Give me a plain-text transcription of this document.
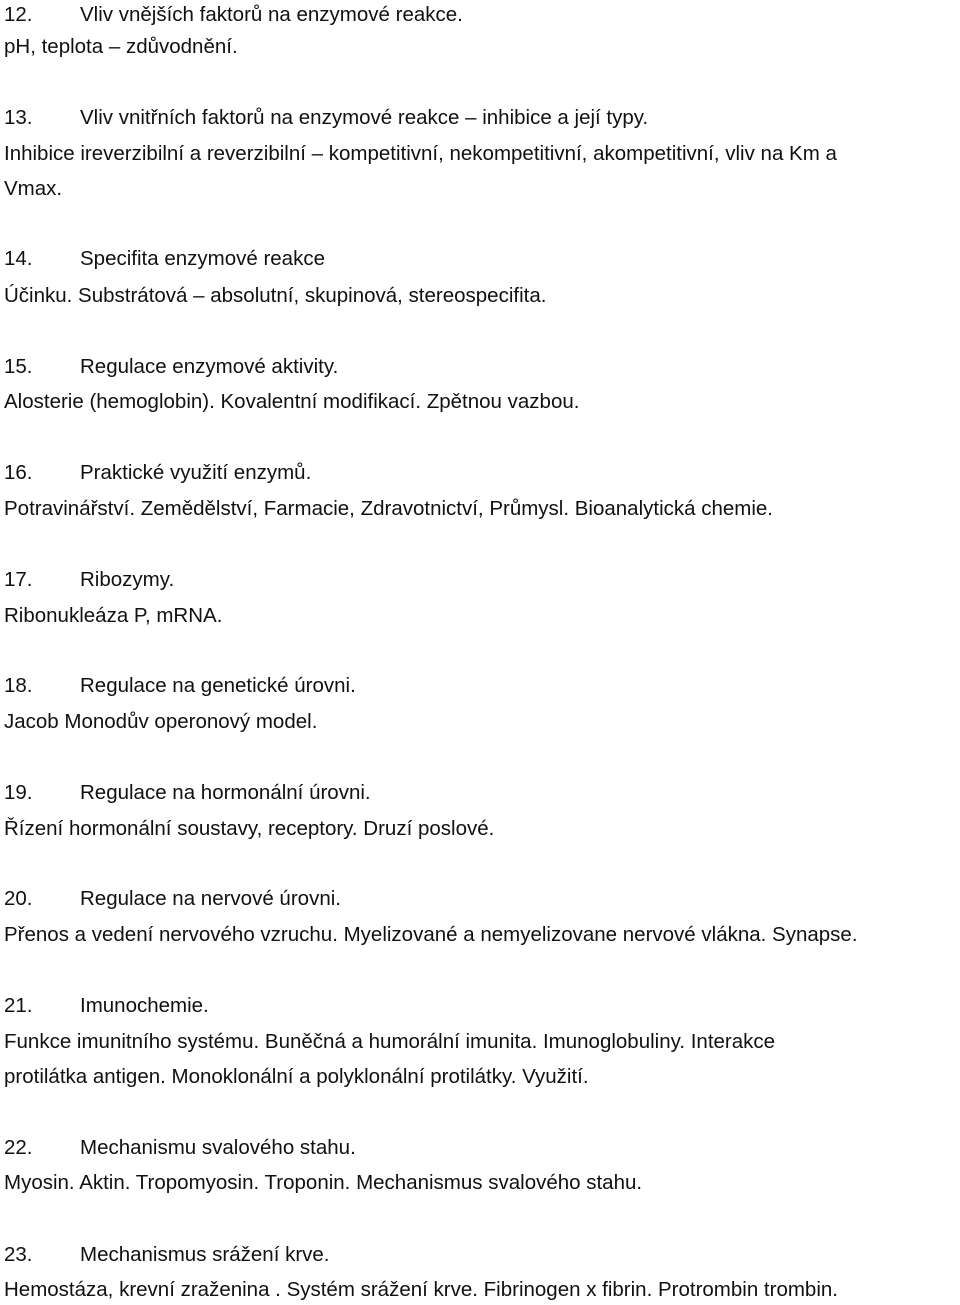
12. Vliv vnějších faktorů na enzymové reakce.
pH, teplota – zdůvodnění.
13. Vliv vnitřních faktorů na enzymové reakce – inhibice a její typy.
Inhibice ireverzibilní a reverzibilní – kompetitivní, nekompetitivní, akompetitivní, vliv na Km a
Vmax.
14. Specifita enzymové reakce
Účinku. Substrátová – absolutní, skupinová, stereospecifita.
15. Regulace enzymové aktivity.
Alosterie (hemoglobin). Kovalentní modifikací. Zpětnou vazbou.
16. Praktické využití enzymů.
Potravinářství. Zemědělství, Farmacie, Zdravotnictví, Průmysl. Bioanalytická chemie.
17. Ribozymy.
Ribonukleáza P, mRNA.
18. Regulace na genetické úrovni.
Jacob Monodův operonový model.
19. Regulace na hormonální úrovni.
Řízení hormonální soustavy, receptory. Druzí poslové.
20. Regulace na nervové úrovni.
Přenos a vedení nervového vzruchu. Myelizované a nemyelizovane nervové vlákna. Synapse.
21. Imunochemie.
Funkce imunitního systému. Buněčná a humorální imunita. Imunoglobuliny. Interakce
protilátka antigen. Monoklonální a polyklonální protilátky. Využití.
22. Mechanismu svalového stahu.
Myosin. Aktin. Tropomyosin. Troponin. Mechanismus svalového stahu.
23. Mechanismus srážení krve.
Hemostáza, krevní zraženina . Systém srážení krve. Fibrinogen x fibrin. Protrombin trombin.
